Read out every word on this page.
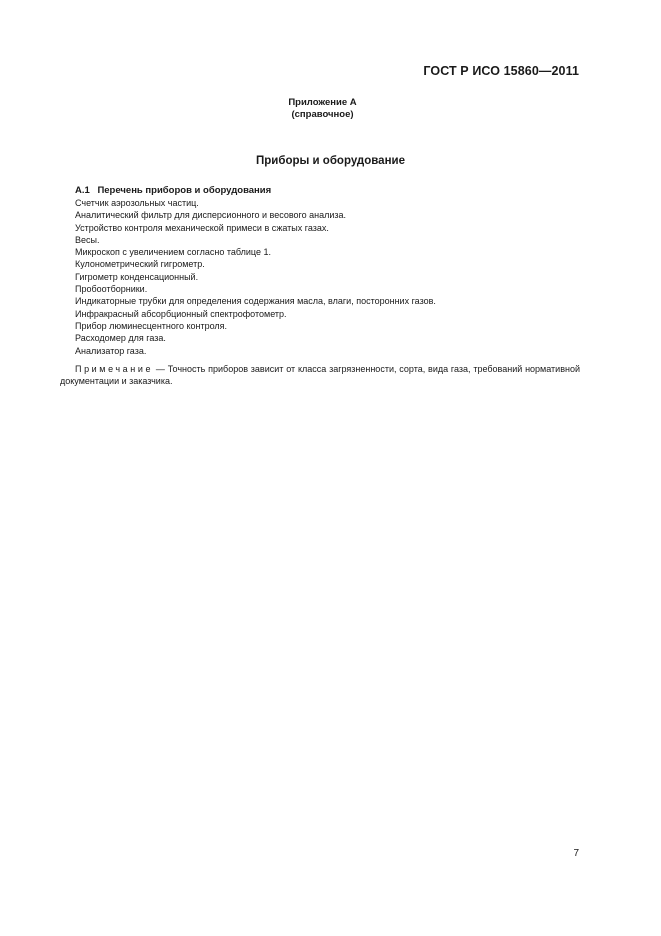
ГОСТ Р ИСО 15860—2011
Приложение А
(справочное)
Приборы и оборудование
А.1 Перечень приборов и оборудования
Счетчик аэрозольных частиц.
Аналитический фильтр для дисперсионного и весового анализа.
Устройство контроля механической примеси в сжатых газах.
Весы.
Микроскоп с увеличением согласно таблице 1.
Кулонометрический гигрометр.
Гигрометр конденсационный.
Пробоотборники.
Индикаторные трубки для определения содержания масла, влаги, посторонних газов.
Инфракрасный абсорбционный спектрофотометр.
Прибор люминесцентного контроля.
Расходомер для газа.
Анализатор газа.
Примечание — Точность приборов зависит от класса загрязненности, сорта, вида газа, требований нормативной документации и заказчика.
7
